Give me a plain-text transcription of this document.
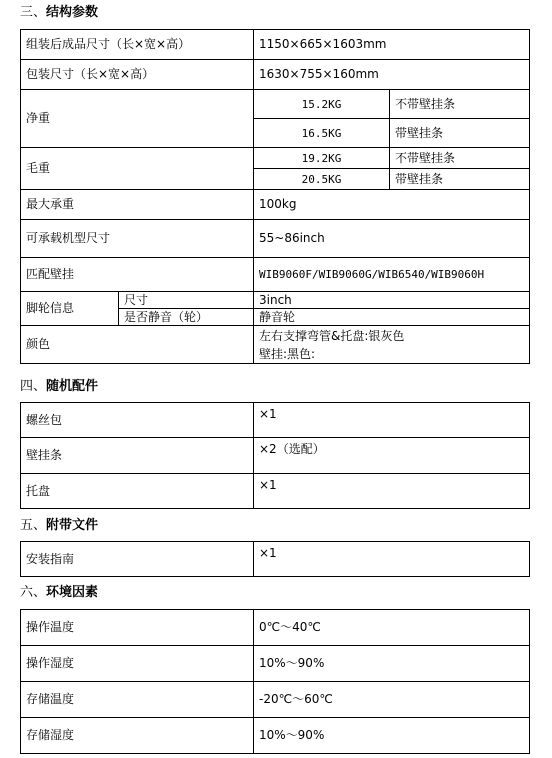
三、结构参数
组装后成品尺寸（长×宽×高）		1150×665×1603mm	
包装尺寸（长×宽×高）		1630×755×160mm	
净重		15.2KG	不带壁挂条
		16.5KG	带壁挂条
毛重		19.2KG	不带壁挂条
		20.5KG	带壁挂条
最大承重		100kg	
可承载机型尺寸		55~86inch	
匹配壁挂		WIB9060F/WIB9060G/WIB6540/WIB9060H	
脚轮信息	尺寸	3inch	
	是否静音（轮）	静音轮	
颜色		左右支撑弯管&托盘:银灰色
壁挂:黑色:	
四、随机配件
螺丝包	×1
壁挂条	×2（选配）
托盘	×1
五、附带文件
安装指南	×1
六、环境因素
操作温度	0℃～40℃
操作湿度	10%～90%
存储温度	-20℃～60℃
存储湿度	10%～90%
